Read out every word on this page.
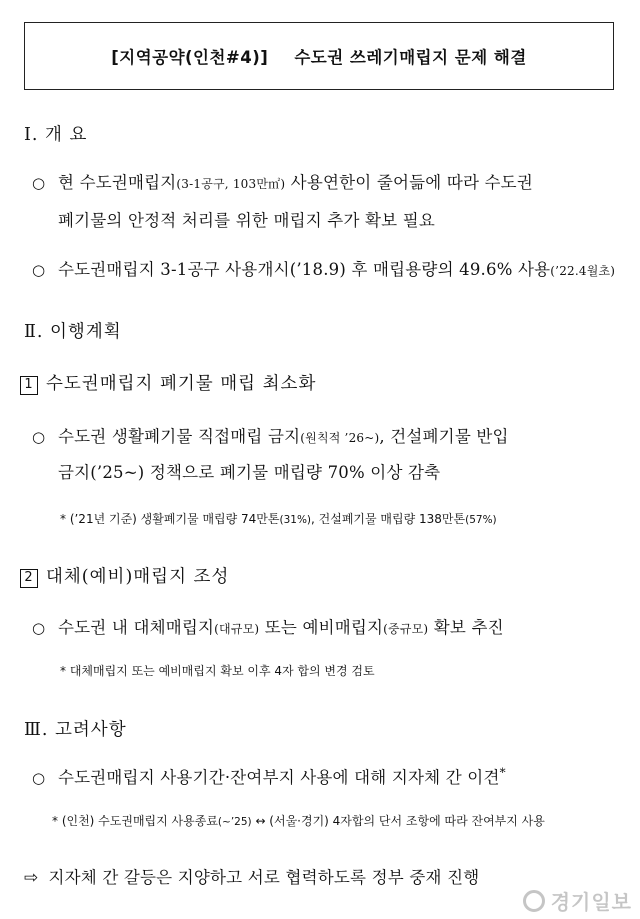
[지역공약(인천#4)] 수도권 쓰레기매립지 문제 해결
Ⅰ. 개 요
○ 현 수도권매립지(3-1공구, 103만㎡) 사용연한이 줄어듦에 따라 수도권
폐기물의 안정적 처리를 위한 매립지 추가 확보 필요
○ 수도권매립지 3-1공구 사용개시(’18.9) 후 매립용량의 49.6% 사용(’22.4월초)
Ⅱ. 이행계획
1 수도권매립지 폐기물 매립 최소화
○ 수도권 생활폐기물 직접매립 금지(원칙적 ’26~), 건설폐기물 반입
금지(’25~) 정책으로 폐기물 매립량 70% 이상 감축
* (’21년 기준) 생활폐기물 매립량 74만톤(31%), 건설폐기물 매립량 138만톤(57%)
2 대체(예비)매립지 조성
○ 수도권 내 대체매립지(대규모) 또는 예비매립지(중규모) 확보 추진
* 대체매립지 또는 예비매립지 확보 이후 4자 합의 변경 검토
Ⅲ. 고려사항
○ 수도권매립지 사용기간·잔여부지 사용에 대해 지자체 간 이견*
* (인천) 수도권매립지 사용종료(~’25) ↔ (서울·경기) 4자합의 단서 조항에 따라 잔여부지 사용
⇨ 지자체 간 갈등은 지양하고 서로 협력하도록 정부 중재 진행
경기일보
